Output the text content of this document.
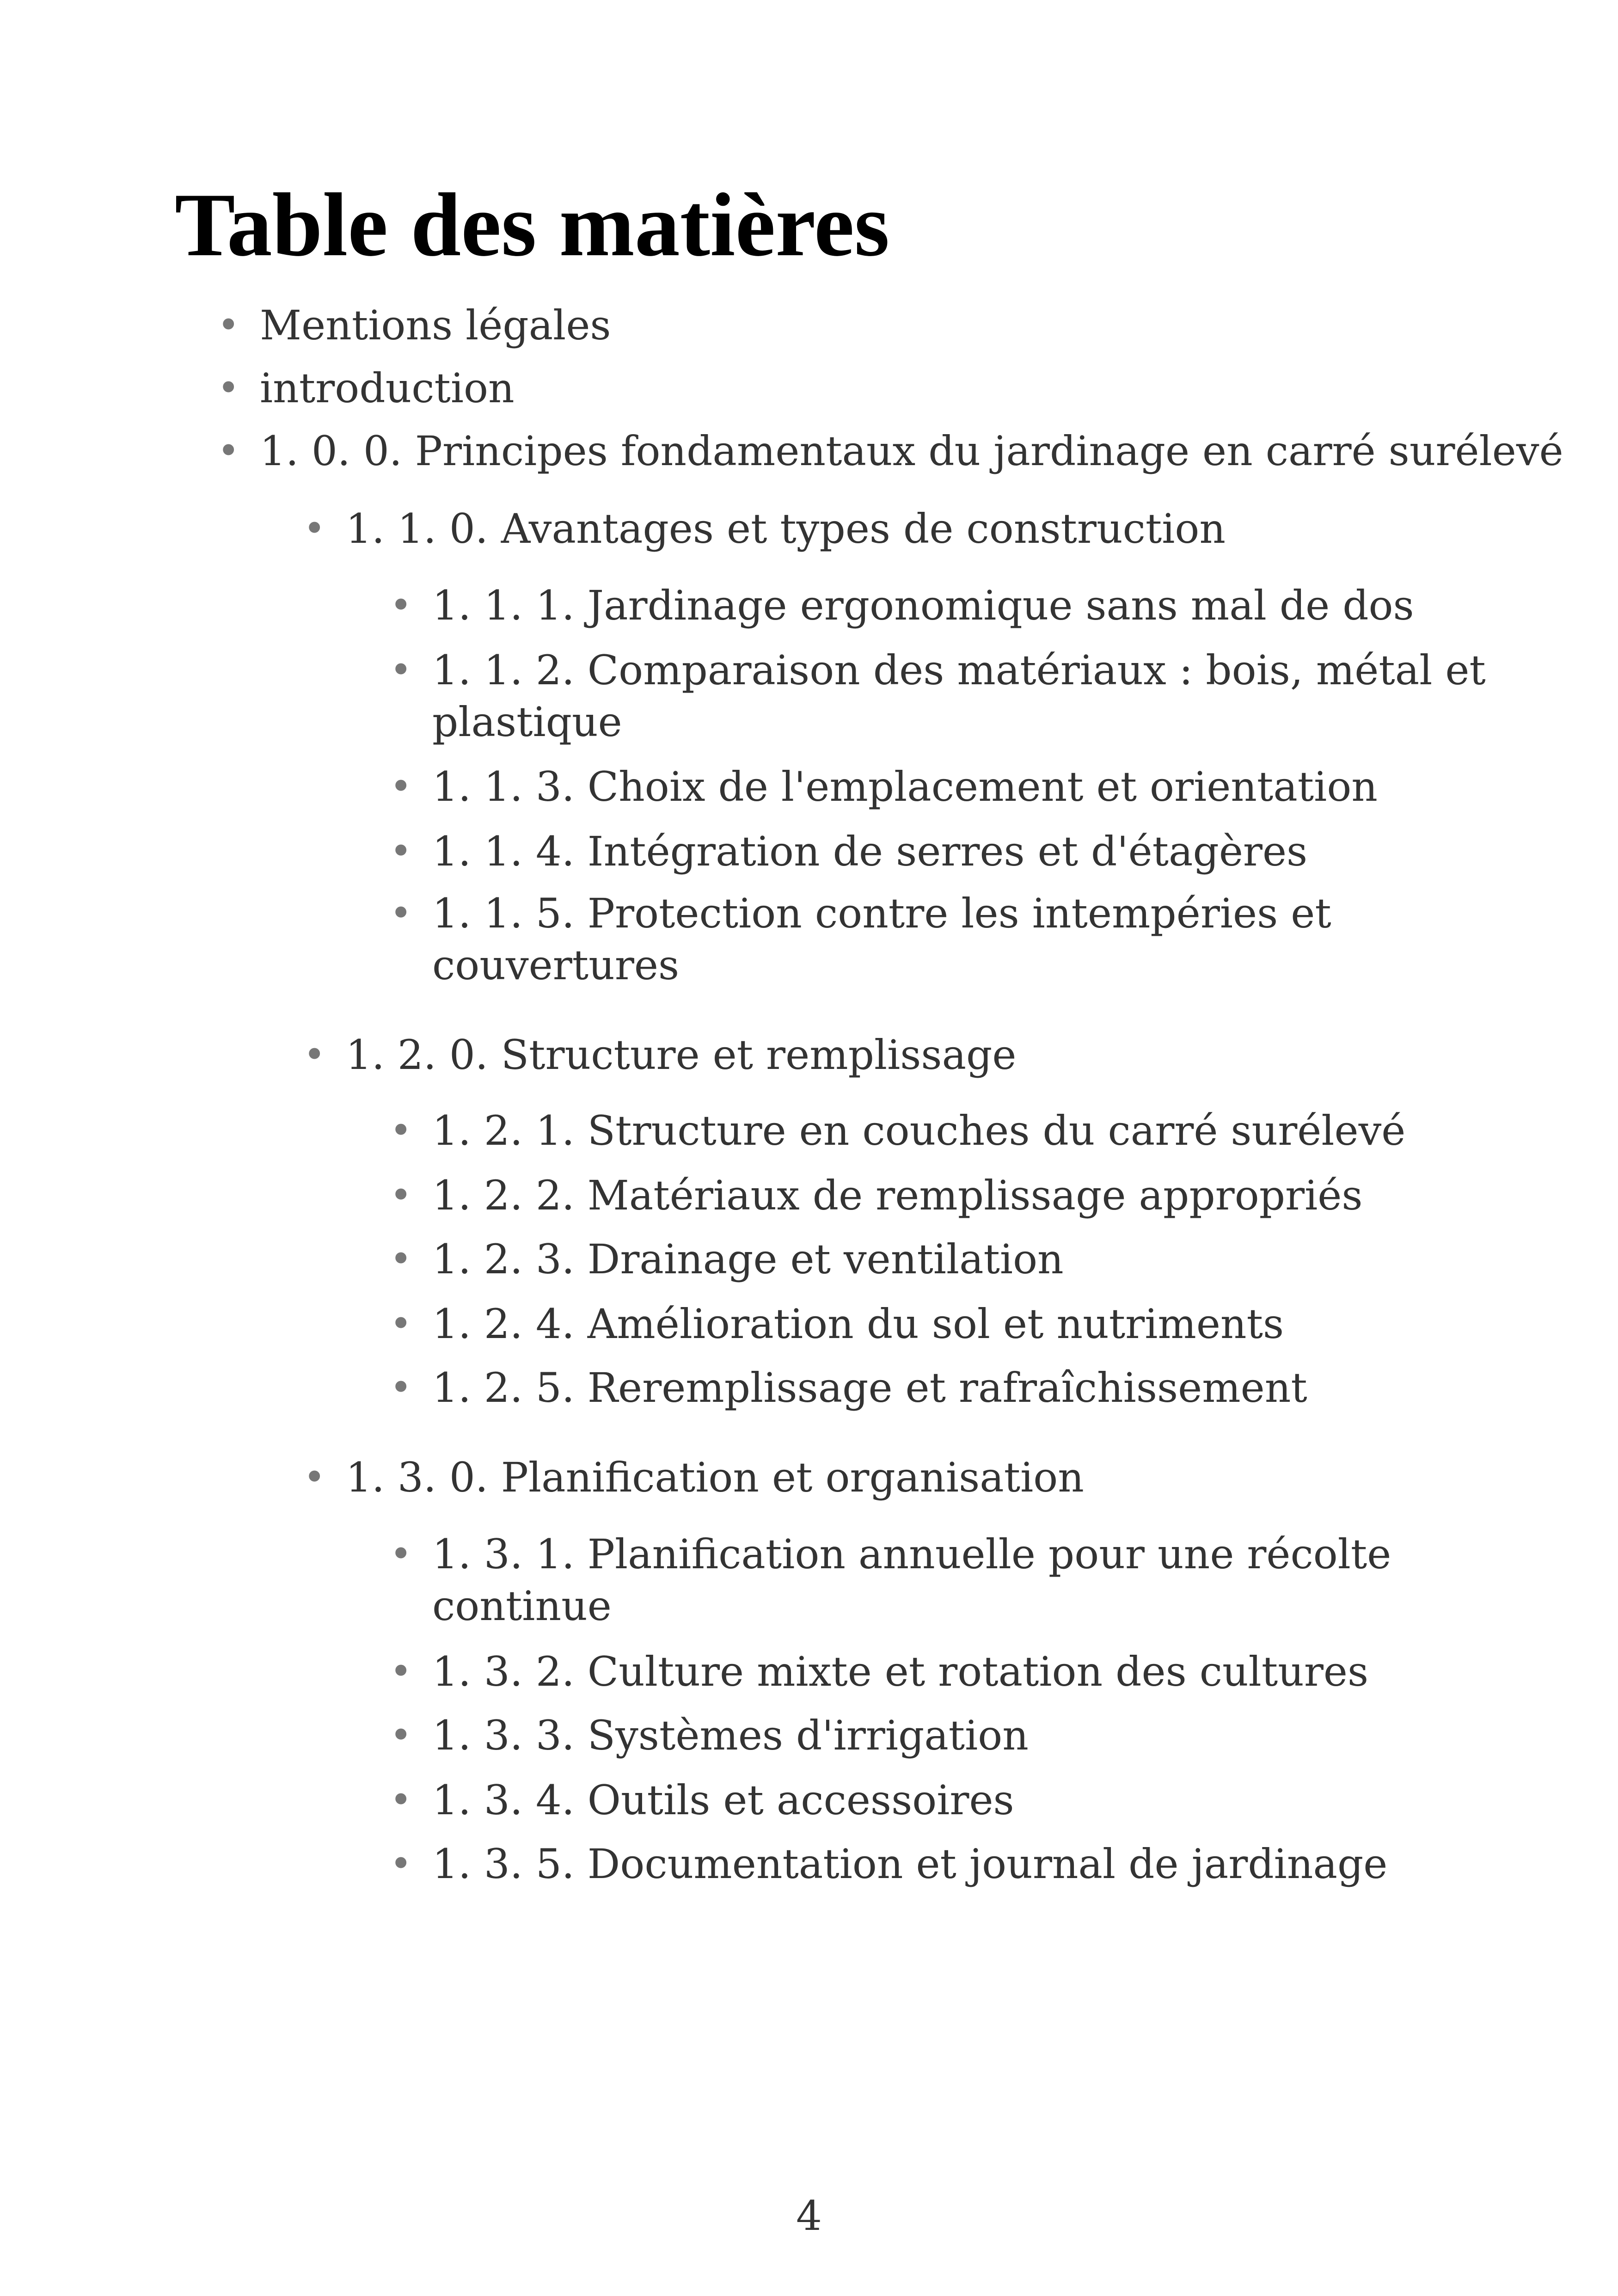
Table des matières
• Mentions légales
• introduction
• 1. 0. 0. Principes fondamentaux du jardinage en carré surélevé
• 1. 1. 0. Avantages et types de construction
• 1. 1. 1. Jardinage ergonomique sans mal de dos
• 1. 1. 2. Comparaison des matériaux : bois, métal et
plastique
• 1. 1. 3. Choix de l'emplacement et orientation
• 1. 1. 4. Intégration de serres et d'étagères
• 1. 1. 5. Protection contre les intempéries et
couvertures
• 1. 2. 0. Structure et remplissage
• 1. 2. 1. Structure en couches du carré surélevé
• 1. 2. 2. Matériaux de remplissage appropriés
• 1. 2. 3. Drainage et ventilation
• 1. 2. 4. Amélioration du sol et nutriments
• 1. 2. 5. Reremplissage et rafraîchissement
• 1. 3. 0. Planification et organisation
• 1. 3. 1. Planification annuelle pour une récolte
continue
• 1. 3. 2. Culture mixte et rotation des cultures
• 1. 3. 3. Systèmes d'irrigation
• 1. 3. 4. Outils et accessoires
• 1. 3. 5. Documentation et journal de jardinage
4
